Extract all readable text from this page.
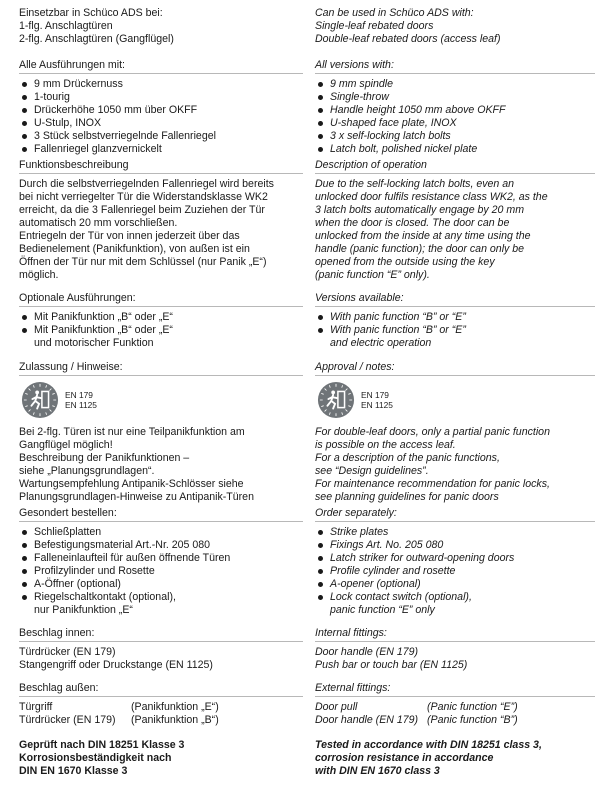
Einsetzbar in Schüco ADS bei:
1-flg. Anschlagtüren
2-flg. Anschlagtüren (Gangflügel)
Alle Ausführungen mit:
9 mm Drückernuss
1-tourig
Drückerhöhe 1050 mm über OKFF
U-Stulp, INOX
3 Stück selbstverriegelnde Fallenriegel
Fallenriegel glanzvernickelt
Funktionsbeschreibung
Durch die selbstverriegelnden Fallenriegel wird bereits
bei nicht verriegelter Tür die Widerstandsklasse WK2
erreicht, da die 3 Fallenriegel beim Zuziehen der Tür
automatisch 20 mm vorschließen.
Entriegeln der Tür von innen jederzeit über das
Bedienelement (Panikfunktion), von außen ist ein
Öffnen der Tür nur mit dem Schlüssel (nur Panik „E“)
möglich.
Optionale Ausführungen:
Mit Panikfunktion „B“ oder „E“
Mit Panikfunktion „B“ oder „E“
und motorischer Funktion
Zulassung / Hinweise:
EN 179
EN 1125
Bei 2-flg. Türen ist nur eine Teilpanikfunktion am
Gangflügel möglich!
Beschreibung der Panikfunktionen –
siehe „Planungsgrundlagen“.
Wartungsempfehlung Antipanik-Schlösser siehe
Planungsgrundlagen-Hinweise zu Antipanik-Türen
Gesondert bestellen:
Schließplatten
Befestigungsmaterial Art.-Nr. 205 080
Falleneinlaufteil für außen öffnende Türen
Profilzylinder und Rosette
A-Öffner (optional)
Riegelschaltkontakt (optional),
nur Panikfunktion „E“
Beschlag innen:
Türdrücker (EN 179)
Stangengriff oder Druckstange (EN 1125)
Beschlag außen:
Türgriff	(Panikfunktion „E“)
Türdrücker (EN 179)	(Panikfunktion „B“)
Geprüft nach DIN 18251 Klasse 3
Korrosionsbeständigkeit nach
DIN EN 1670 Klasse 3
Can be used in Schüco ADS with:
Single-leaf rebated doors
Double-leaf rebated doors (access leaf)
All versions with:
9 mm spindle
Single-throw
Handle height 1050 mm above OKFF
U-shaped face plate, INOX
3 x self-locking latch bolts
Latch bolt, polished nickel plate
Description of operation
Due to the self-locking latch bolts, even an
unlocked door fulfils resistance class WK2, as the
3 latch bolts automatically engage by 20 mm
when the door is closed. The door can be
unlocked from the inside at any time using the
handle (panic function); the door can only be
opened from the outside using the key
(panic function “E” only).
Versions available:
With panic function “B” or “E”
With panic function “B” or “E”
and electric operation
Approval / notes:
EN 179
EN 1125
For double-leaf doors, only a partial panic function
is possible on the access leaf.
For a description of the panic functions,
see “Design guidelines”.
For maintenance recommendation for panic locks,
see planning guidelines for panic doors
Order separately:
Strike plates
Fixings Art. No. 205 080
Latch striker for outward-opening doors
Profile cylinder and rosette
A-opener (optional)
Lock contact switch (optional),
panic function “E” only
Internal fittings:
Door handle (EN 179)
Push bar or touch bar (EN 1125)
External fittings:
Door pull	(Panic function “E”)
Door handle (EN 179) (Panic function “B”)
Tested in accordance with DIN 18251 class 3,
corrosion resistance in accordance
with DIN EN 1670 class 3
